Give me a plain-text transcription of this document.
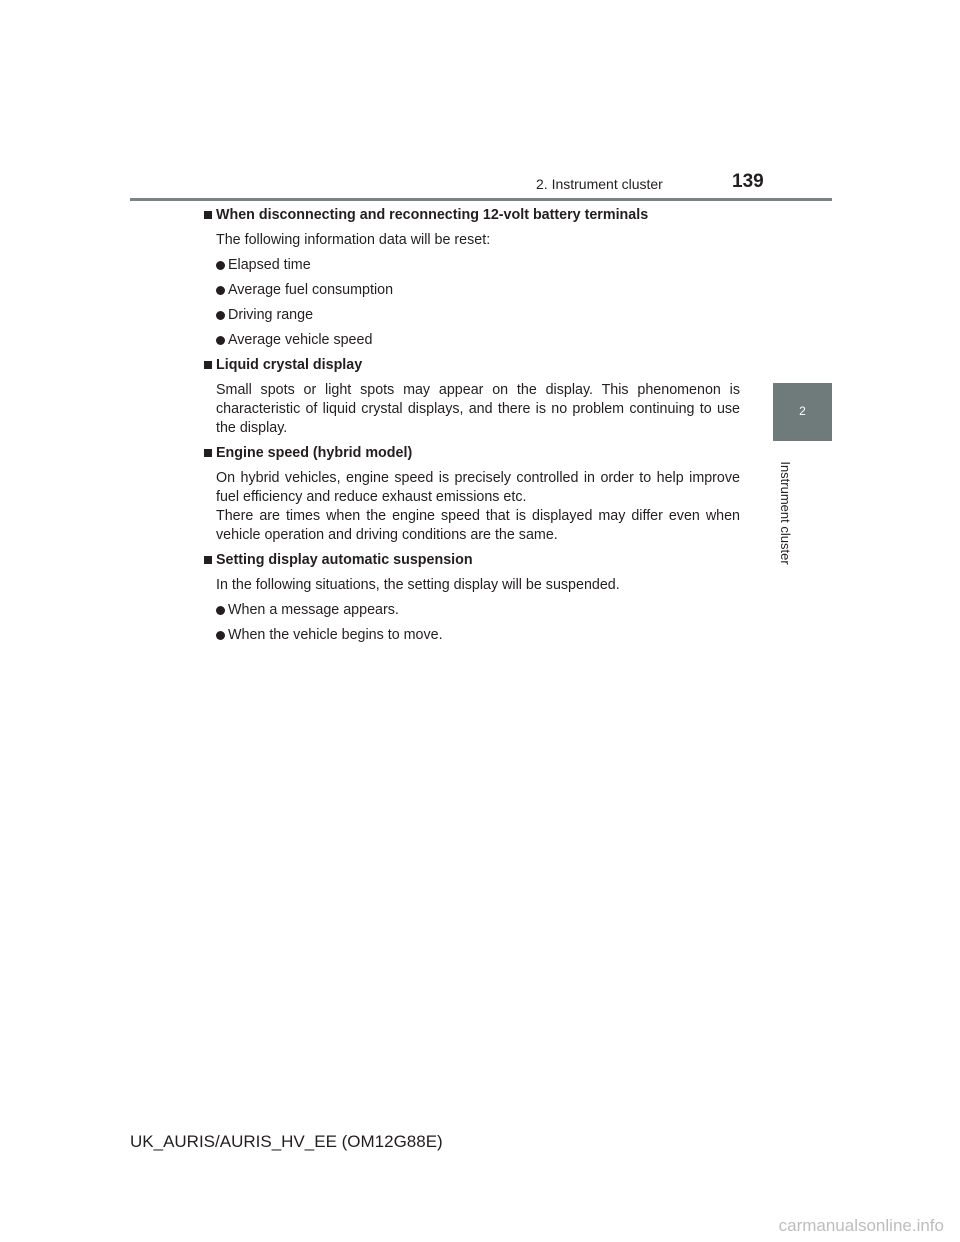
2. Instrument cluster	139
2
Instrument cluster
When disconnecting and reconnecting 12-volt battery terminals
The following information data will be reset:
Elapsed time
Average fuel consumption
Driving range
Average vehicle speed
Liquid crystal display
Small spots or light spots may appear on the display. This phenomenon is characteristic of liquid crystal displays, and there is no problem continuing to use the display.
Engine speed (hybrid model)
On hybrid vehicles, engine speed is precisely controlled in order to help improve fuel efficiency and reduce exhaust emissions etc.
There are times when the engine speed that is displayed may differ even when vehicle operation and driving conditions are the same.
Setting display automatic suspension
In the following situations, the setting display will be suspended.
When a message appears.
When the vehicle begins to move.
UK_AURIS/AURIS_HV_EE (OM12G88E)
carmanualsonline.info
